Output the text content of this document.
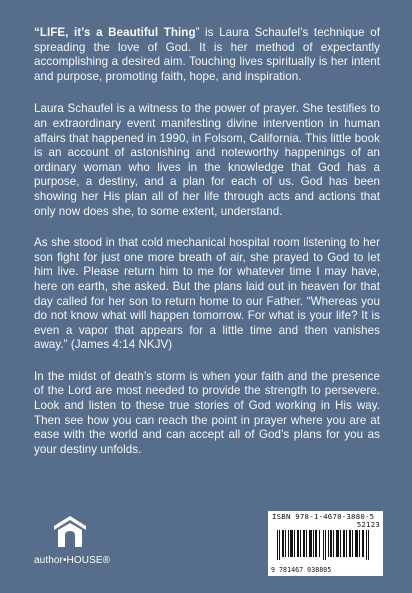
“LIFE, it’s a Beautiful Thing” is Laura Schaufel’s technique of spreading the love of God. It is her method of expectantly accomplishing a desired aim. Touching lives spiritually is her intent and purpose, promoting faith, hope, and inspiration.

Laura Schaufel is a witness to the power of prayer. She testifies to an extraordinary event manifesting divine intervention in human affairs that happened in 1990, in Folsom, California. This little book is an account of astonishing and noteworthy happenings of an ordinary woman who lives in the knowledge that God has a purpose, a destiny, and a plan for each of us. God has been showing her His plan all of her life through acts and actions that only now does she, to some extent, understand.

As she stood in that cold mechanical hospital room listening to her son fight for just one more breath of air, she prayed to God to let him live. Please return him to me for whatever time I may have, here on earth, she asked. But the plans laid out in heaven for that day called for her son to return home to our Father. “Whereas you do not know what will happen tomorrow. For what is your life? It is even a vapor that appears for a little time and then vanishes away.” (James 4:14 NKJV)

In the midst of death’s storm is when your faith and the presence of the Lord are most needed to provide the strength to persevere. Look and listen to these true stories of God working in His way. Then see how you can reach the point in prayer where you are at ease with the world and can accept all of God’s plans for you as your destiny unfolds.

author•HOUSE®
ISBN 978-1-4670-3880-5
52123
9 781467 038805
